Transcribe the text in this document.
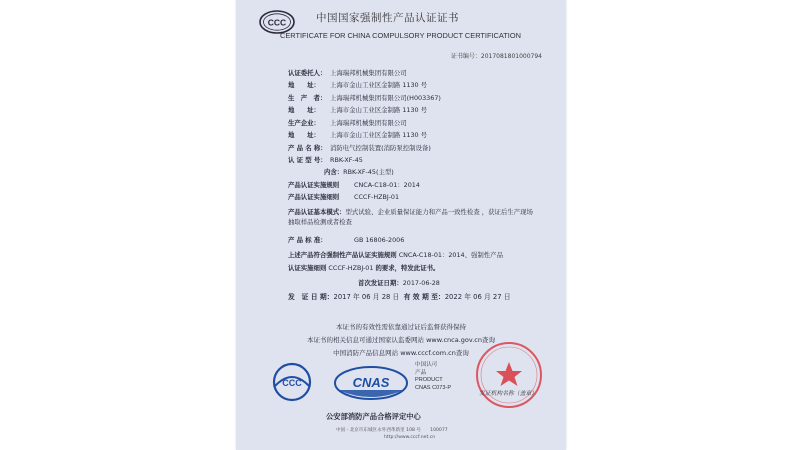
CCC	中国国家强制性产品认证证书
CERTIFICATE FOR CHINA COMPULSORY PRODUCT CERTIFICATION
证书编号：2017081801000794
认证委托人： 上海瑞邦机械集团有限公司
地　　址： 上海市金山工业区金制路 1130 号
生　产　者： 上海瑞邦机械集团有限公司(H003367)
地　　址： 上海市金山工业区金制路 1130 号
生产企业： 上海瑞邦机械集团有限公司
地　　址： 上海市金山工业区金制路 1130 号
产 品 名 称： 消防电气控制装置(消防泵控制设备)
认 证 型 号： RBK-XF-45
内含：RBK-XF-45(主型)
产品认证实施规则 CNCA-C18-01：2014
产品认证实施细则 CCCF-HZBJ-01
产品认证基本模式：型式试验、企业质量保证能力和产品一致性检查 ，获证后生产现场抽取样品检测或者检查
产 品 标 准：	GB 16806-2006
上述产品符合强制性产品认证实施规则 CNCA-C18-01：2014、强制性产品
认证实施细则 CCCF-HZBJ-01 的要求，特发此证书。
首次发证日期：2017-06-28
发　证 日 期：2017 年 06 月 28 日 有 效 期 至：2022 年 06 月 27 日
本证书的有效性需依靠通过证后监督获得保持
本证书的相关信息可通过国家认监委网站 www.cnca.gov.cn查询
中国消防产品信息网站 www.cccf.com.cn查询
CCC	CNAS
中国认可
产品
PRODUCT
CNAS C073-P
发证机构名称（盖章）
公安部消防产品合格评定中心
中国 · 北京市东城区永外西革新里 108 号　　100077
http://www.cccf.net.cn
